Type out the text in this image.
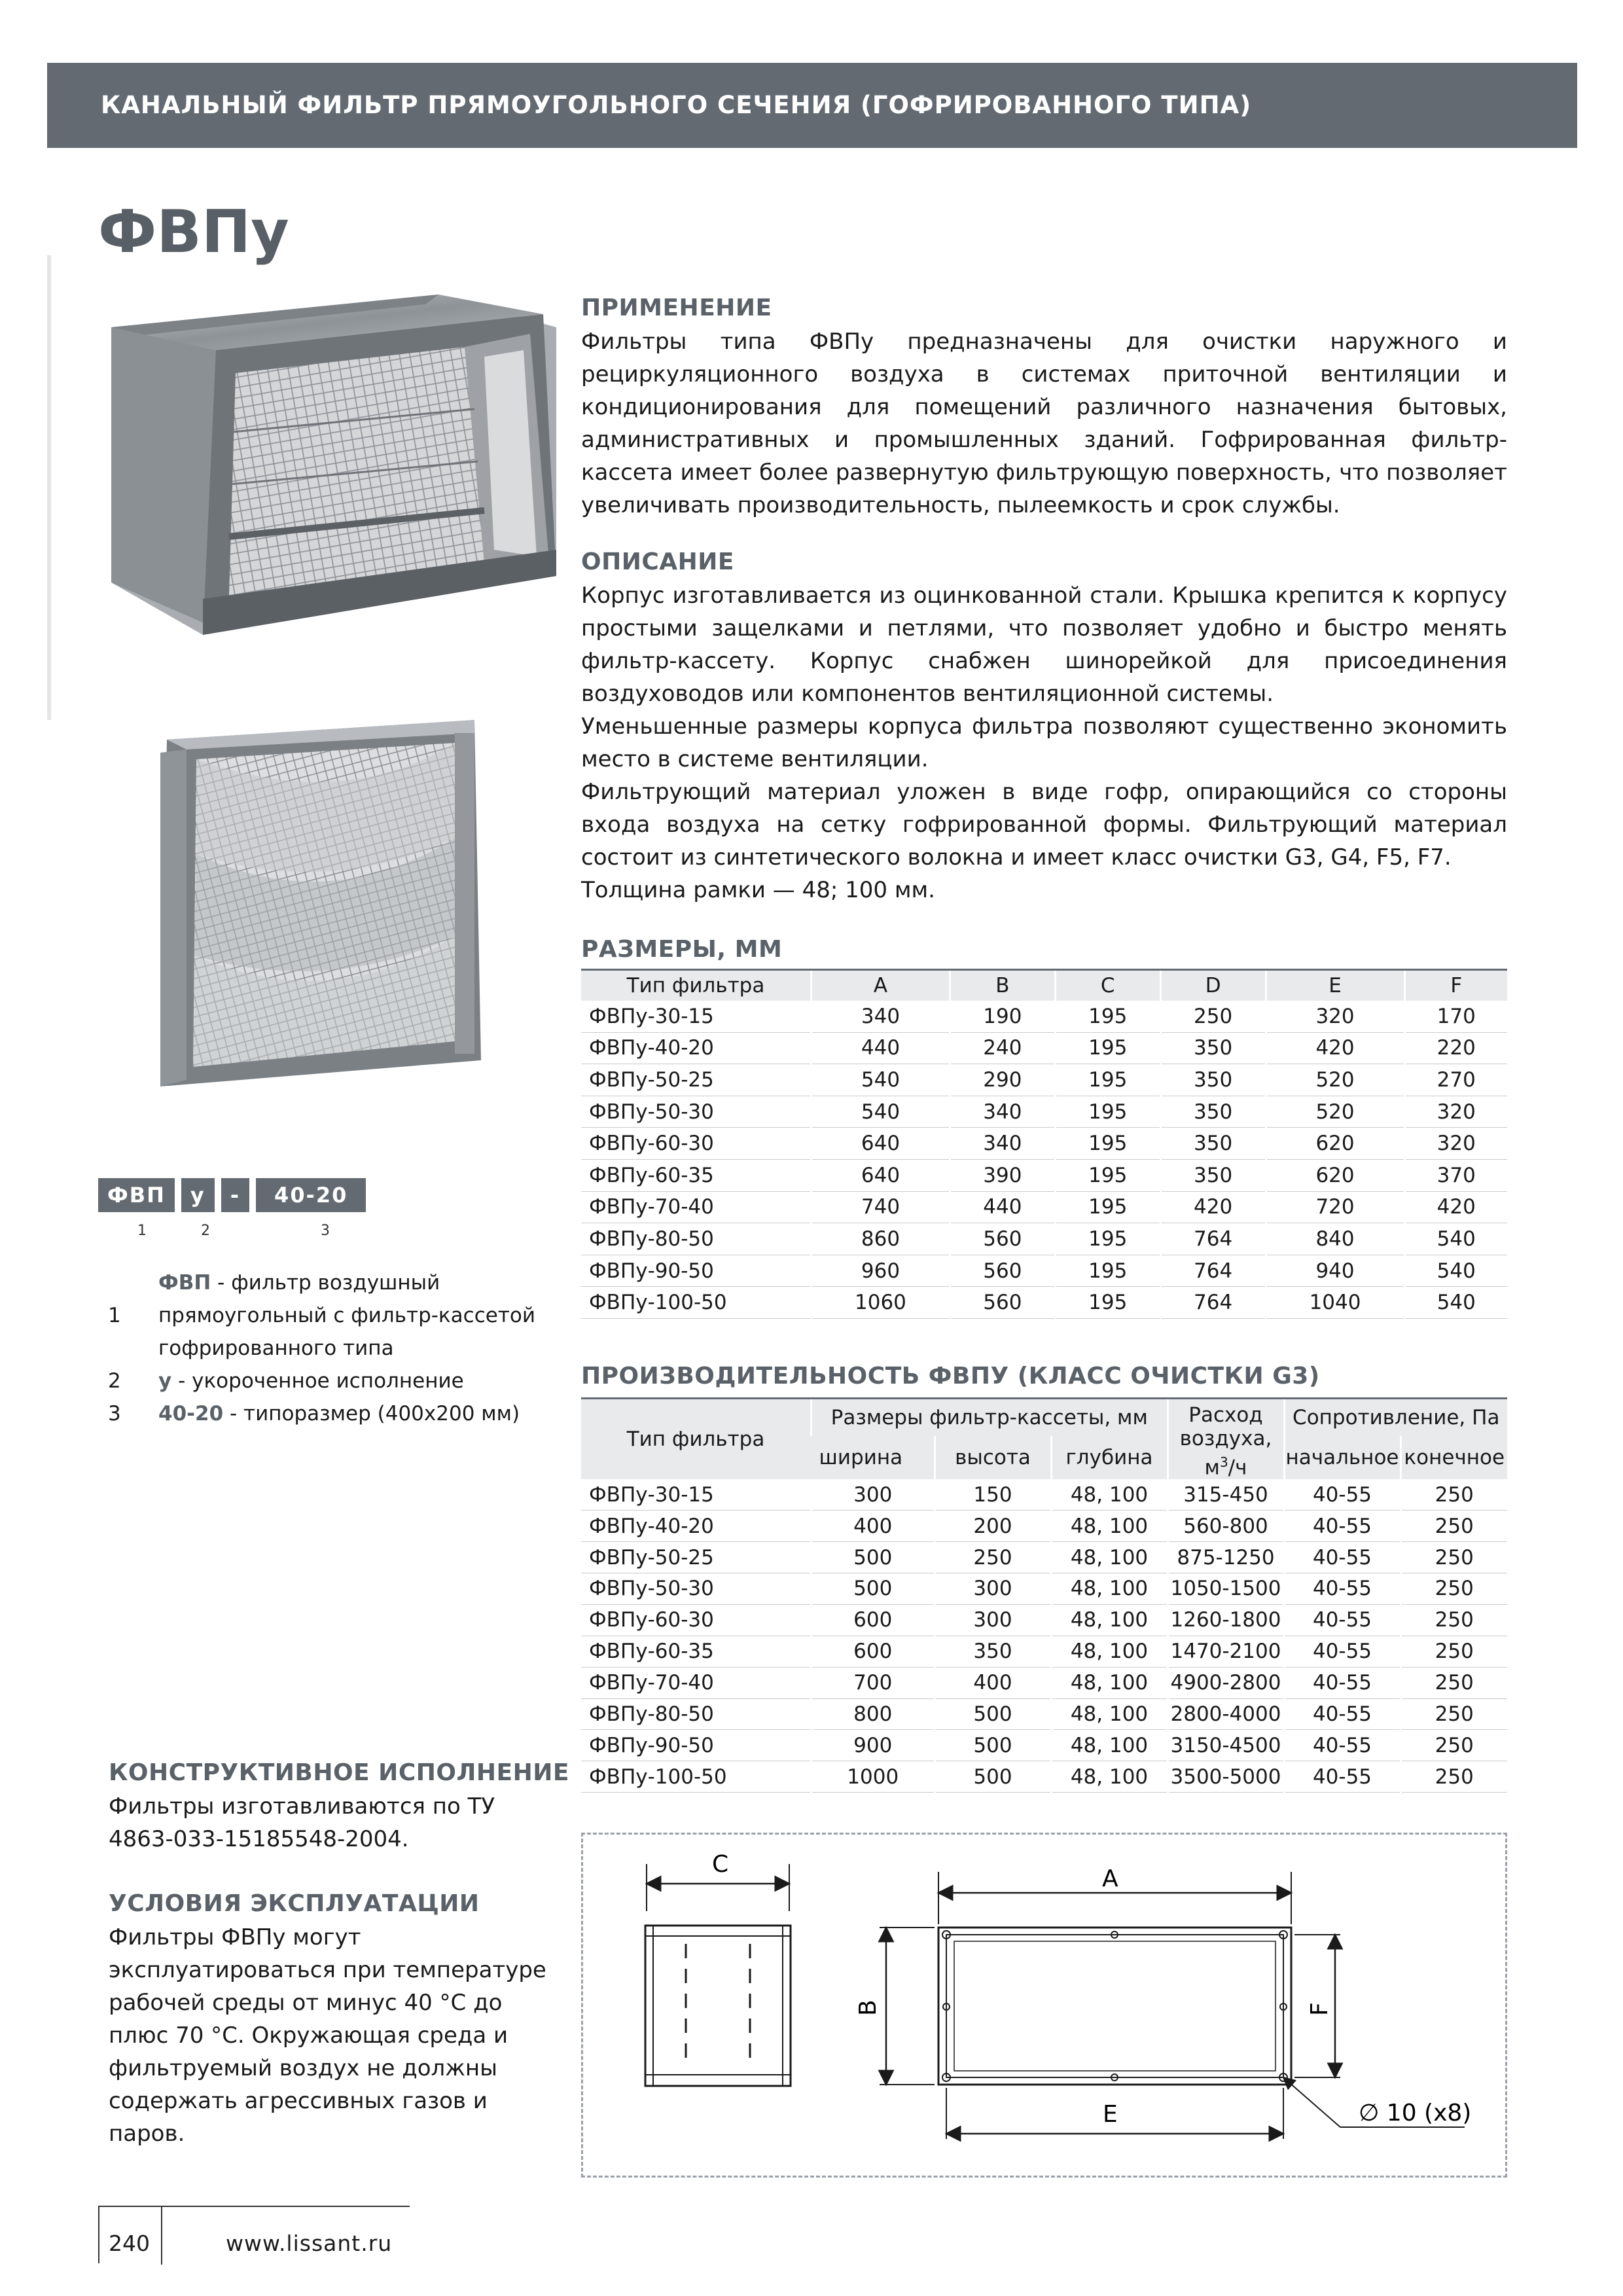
КАНАЛЬНЫЙ ФИЛЬТР ПРЯМОУГОЛЬНОГО СЕЧЕНИЯ (ГОФРИРОВАННОГО ТИПА)
ФВПу
ПРИМЕНЕНИЕ

Фильтры типа ФВПу предназначены для очистки наружного и рециркуляционного воздуха в системах приточной вентиляции и кондиционирования для помещений различного назначения бытовых, административных и промышленных зданий. Гофрированная фильтр-кассета имеет более развернутую фильтрующую поверхность, что позволяет увеличивать производительность, пылеемкость и срок службы.

ОПИСАНИЕ

Корпус изготавливается из оцинкованной стали. Крышка крепится к корпусу простыми защелками и петлями, что позволяет удобно и быстро менять фильтр-кассету. Корпус снабжен шинорейкой для присоединения воздуховодов или компонентов вентиляционной системы.

Уменьшенные размеры корпуса фильтра позволяют существенно экономить место в системе вентиляции.

Фильтрующий материал уложен в виде гофр, опирающийся со стороны входа воздуха на сетку гофрированной формы. Фильтрующий материал состоит из синтетического волокна и имеет класс очистки G3, G4, F5, F7.

Толщина рамки — 48; 100 мм.

ФВП	у	-	40-20
1	2	3
1
ФВП - фильтр воздушный прямоугольный с фильтр-кассетой гофрированного типа
2	у - укороченное исполнение
3	40-20 - типоразмер (400x200 мм)
РАЗМЕРЫ, ММ
Тип фильтра	A	B	C	D	E	F
ФВПу-30-15	340	190	195	250	320	170
ФВПу-40-20	440	240	195	350	420	220
ФВПу-50-25	540	290	195	350	520	270
ФВПу-50-30	540	340	195	350	520	320
ФВПу-60-30	640	340	195	350	620	320
ФВПу-60-35	640	390	195	350	620	370
ФВПу-70-40	740	440	195	420	720	420
ФВПу-80-50	860	560	195	764	840	540
ФВПу-90-50	960	560	195	764	940	540
ФВПу-100-50	1060	560	195	764	1040	540
ПРОИЗВОДИТЕЛЬНОСТЬ ФВПУ (КЛАСС ОЧИСТКИ G3)
Тип фильтра	Размеры фильтр-кассеты, мм			Расход
воздуха,
$м^3/ч$	Сопротивление, Па	
	ширина	высота	глубина		начальное	конечное
ФВПу-30-15	300	150	48, 100	315-450	40-55	250
ФВПу-40-20	400	200	48, 100	560-800	40-55	250
ФВПу-50-25	500	250	48, 100	875-1250	40-55	250
ФВПу-50-30	500	300	48, 100	1050-1500	40-55	250
ФВПу-60-30	600	300	48, 100	1260-1800	40-55	250
ФВПу-60-35	600	350	48, 100	1470-2100	40-55	250
ФВПу-70-40	700	400	48, 100	4900-2800	40-55	250
ФВПу-80-50	800	500	48, 100	2800-4000	40-55	250
ФВПу-90-50	900	500	48, 100	3150-4500	40-55	250
ФВПу-100-50	1000	500	48, 100	3500-5000	40-55	250
КОНСТРУКТИВНОЕ ИСПОЛНЕНИЕ
Фильтры изготавливаются по ТУ 4863-033-15185548-2004.
УСЛОВИЯ ЭКСПЛУАТАЦИИ
Фильтры ФВПу могут эксплуатироваться при температуре рабочей среды от минус 40 °С до плюс 70 °С. Окружающая среда и фильтруемый воздух не должны содержать агрессивных газов и паров.
C
A
B	F
E	∅ 10 (x8)
240	www.lissant.ru
